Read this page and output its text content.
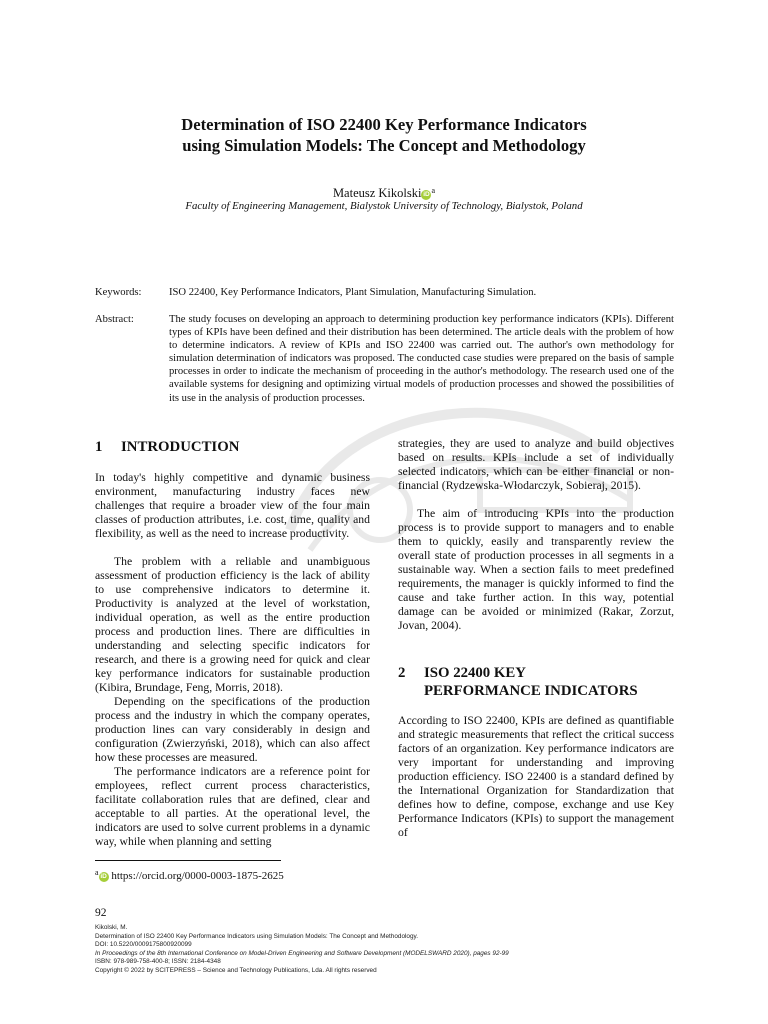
Determination of ISO 22400 Key Performance Indicators
using Simulation Models: The Concept and Methodology
Mateusz Kikolski iD $^a$
Faculty of Engineering Management, Bialystok University of Technology, Bialystok, Poland
Keywords:	ISO 22400, Key Performance Indicators, Plant Simulation, Manufacturing Simulation.
Abstract:	The study focuses on developing an approach to determining production key performance indicators (KPIs). Different types of KPIs have been defined and their distribution has been determined. The article deals with the problem of how to determine indicators. A review of KPIs and ISO 22400 was carried out. The author's own methodology for simulation determination of indicators was proposed. The conducted case studies were prepared on the basis of sample processes in order to indicate the mechanism of proceeding in the author's methodology. The research used one of the available systems for designing and optimizing virtual models of production processes and showed the possibilities of its use in the analysis of production processes.
1 INTRODUCTION

In today's highly competitive and dynamic business environment, manufacturing industry faces new challenges that require a broader view of the four main classes of production attributes, i.e. cost, time, quality and flexibility, as well as the need to increase productivity.

The problem with a reliable and unambiguous assessment of production efficiency is the lack of ability to use comprehensive indicators to determine it. Productivity is analyzed at the level of workstation, individual operation, as well as the entire production process and production lines. There are difficulties in understanding and selecting specific indicators for research, and there is a growing need for quick and clear key performance indicators for sustainable production (Kibira, Brundage, Feng, Morris, 2018).

Depending on the specifications of the production process and the industry in which the company operates, production lines can vary considerably in design and configuration (Zwierzyński, 2018), which can also affect how these processes are measured.

The performance indicators are a reference point for employees, reflect current process characteristics, facilitate collaboration rules that are defined, clear and acceptable to all parties. At the operational level, the indicators are used to solve current problems in a dynamic way, while when planning and setting

strategies, they are used to analyze and build objectives based on results. KPIs include a set of individually selected indicators, which can be either financial or non-financial (Rydzewska-Włodarczyk, Sobieraj, 2015).

The aim of introducing KPIs into the production process is to provide support to managers and to enable them to quickly, easily and transparently review the overall state of production processes in all segments in a sustainable way. When a section fails to meet predefined requirements, the manager is quickly informed to find the cause and take further action. In this way, potential damage can be avoided or minimized (Rakar, Zorzut, Jovan, 2004).

2 ISO 22400 KEY
PERFORMANCE INDICATORS

According to ISO 22400, KPIs are defined as quantifiable and strategic measurements that reflect the critical success factors of an organization. Key performance indicators are very important for understanding and improving production efficiency. ISO 22400 is a standard defined by the International Organization for Standardization that defines how to define, compose, exchange and use Key Performance Indicators (KPIs) to support the management of

$^a$ iD https://orcid.org/0000-0003-1875-2625
92
Kikolski, M.
Determination of ISO 22400 Key Performance Indicators using Simulation Models: The Concept and Methodology.
DOI: 10.5220/0009175800920099
In Proceedings of the 8th International Conference on Model-Driven Engineering and Software Development (MODELSWARD 2020), pages 92-99
ISBN: 978-989-758-400-8; ISSN: 2184-4348
Copyright © 2022 by SCITEPRESS – Science and Technology Publications, Lda. All rights reserved
